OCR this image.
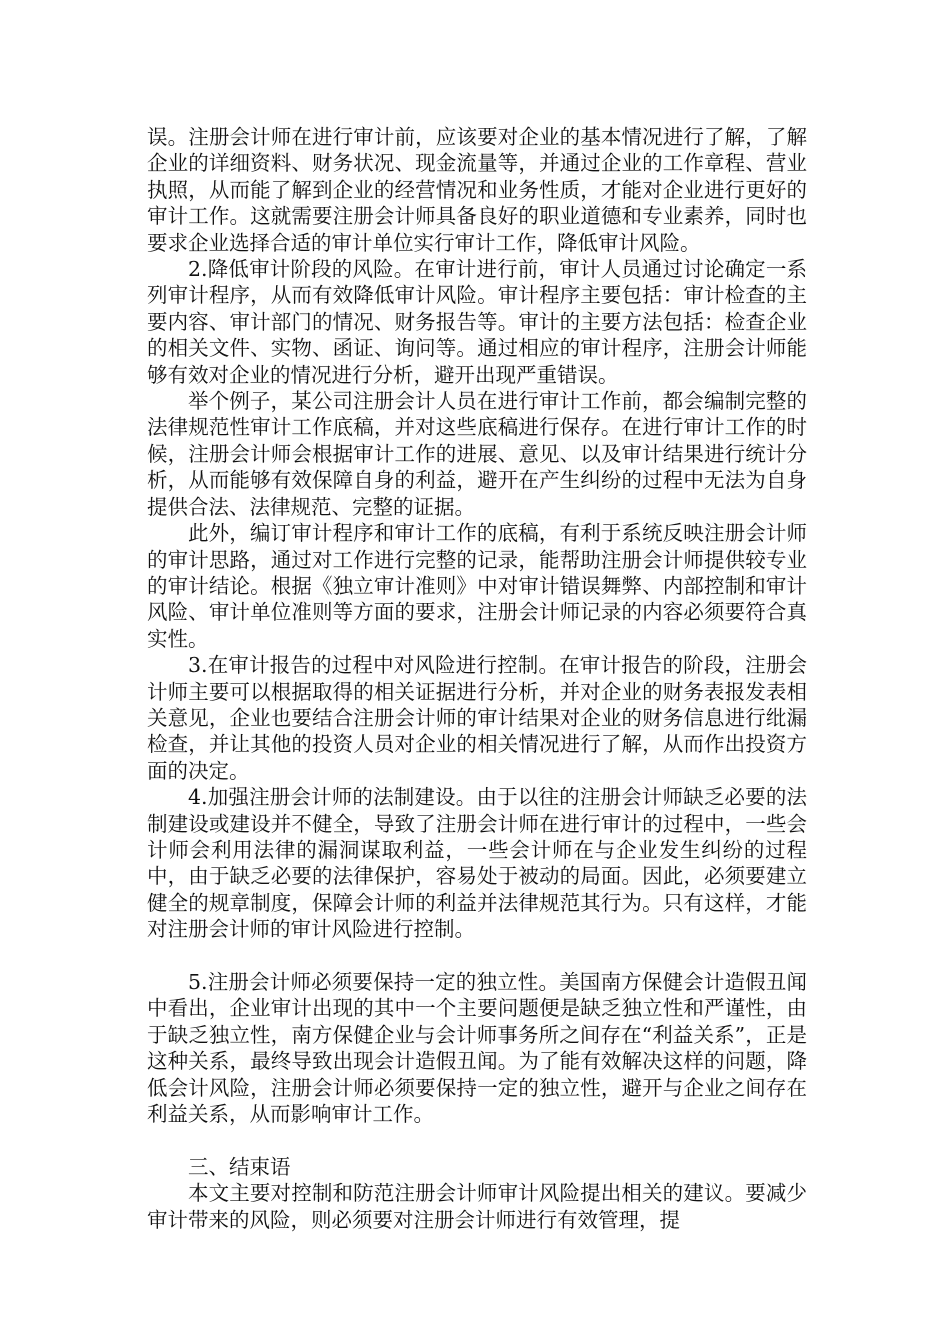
误。注册会计师在进行审计前，应该要对企业的基本情况进行了解，了解企业的详细资料、财务状况、现金流量等，并通过企业的工作章程、营业执照，从而能了解到企业的经营情况和业务性质，才能对企业进行更好的审计工作。这就需要注册会计师具备良好的职业道德和专业素养，同时也要求企业选择合适的审计单位实行审计工作，降低审计风险。

2.降低审计阶段的风险。在审计进行前，审计人员通过讨论确定一系列审计程序，从而有效降低审计风险。审计程序主要包括：审计检查的主要内容、审计部门的情况、财务报告等。审计的主要方法包括：检查企业的相关文件、实物、函证、询问等。通过相应的审计程序，注册会计师能够有效对企业的情况进行分析，避开出现严重错误。

举个例子，某公司注册会计人员在进行审计工作前，都会编制完整的法律规范性审计工作底稿，并对这些底稿进行保存。在进行审计工作的时候，注册会计师会根据审计工作的进展、意见、以及审计结果进行统计分析，从而能够有效保障自身的利益，避开在产生纠纷的过程中无法为自身提供合法、法律规范、完整的证据。

此外，编订审计程序和审计工作的底稿，有利于系统反映注册会计师的审计思路，通过对工作进行完整的记录，能帮助注册会计师提供较专业的审计结论。根据《独立审计准则》中对审计错误舞弊、内部控制和审计风险、审计单位准则等方面的要求，注册会计师记录的内容必须要符合真实性。

3.在审计报告的过程中对风险进行控制。在审计报告的阶段，注册会计师主要可以根据取得的相关证据进行分析，并对企业的财务表报发表相关意见，企业也要结合注册会计师的审计结果对企业的财务信息进行纰漏检查，并让其他的投资人员对企业的相关情况进行了解，从而作出投资方面的决定。

4.加强注册会计师的法制建设。由于以往的注册会计师缺乏必要的法制建设或建设并不健全，导致了注册会计师在进行审计的过程中，一些会计师会利用法律的漏洞谋取利益，一些会计师在与企业发生纠纷的过程中，由于缺乏必要的法律保护，容易处于被动的局面。因此，必须要建立健全的规章制度，保障会计师的利益并法律规范其行为。只有这样，才能对注册会计师的审计风险进行控制。

5.注册会计师必须要保持一定的独立性。美国南方保健会计造假丑闻中看出，企业审计出现的其中一个主要问题便是缺乏独立性和严谨性，由于缺乏独立性，南方保健企业与会计师事务所之间存在“利益关系”，正是这种关系，最终导致出现会计造假丑闻。为了能有效解决这样的问题，降低会计风险，注册会计师必须要保持一定的独立性，避开与企业之间存在利益关系，从而影响审计工作。

三、结束语

本文主要对控制和防范注册会计师审计风险提出相关的建议。要减少审计带来的风险，则必须要对注册会计师进行有效管理，提
